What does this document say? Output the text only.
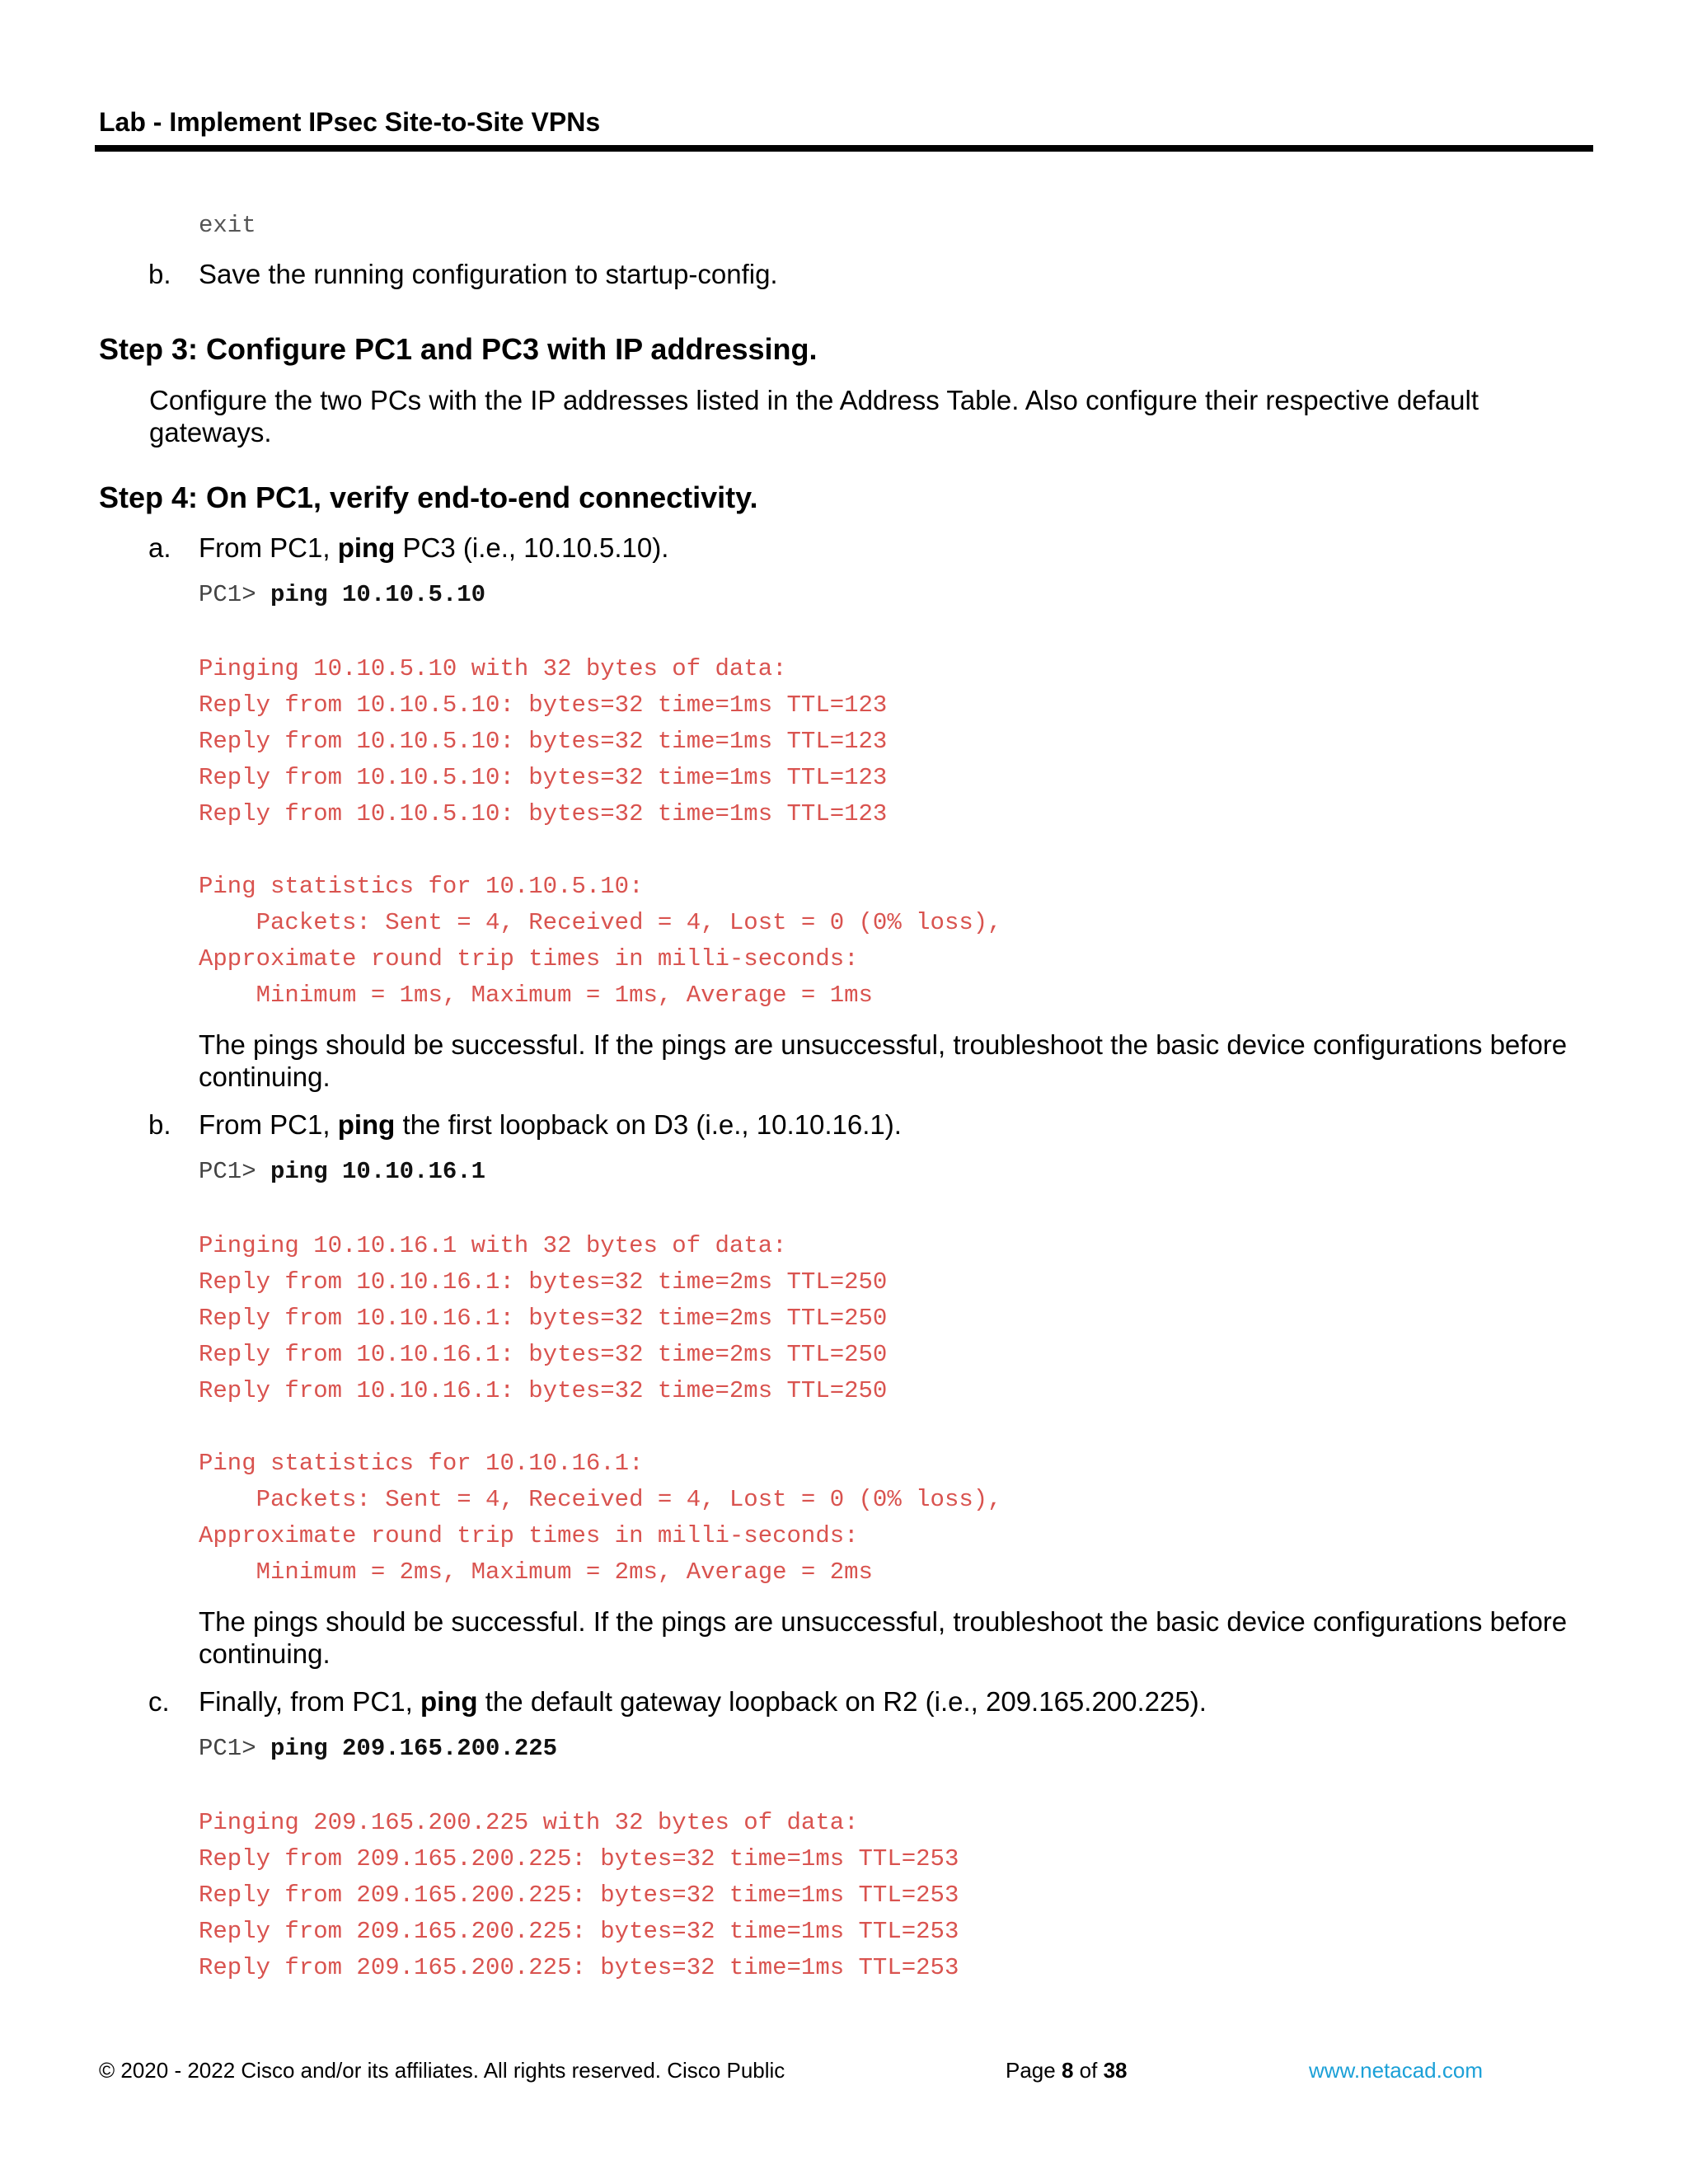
Lab - Implement IPsec Site-to-Site VPNs
exit
b. Save the running configuration to startup-config.
Step 3: Configure PC1 and PC3 with IP addressing.
Configure the two PCs with the IP addresses listed in the Address Table. Also configure their respective default gateways.
Step 4: On PC1, verify end-to-end connectivity.
a. From PC1, ping PC3 (i.e., 10.10.5.10).
PC1> ping 10.10.5.10
Pinging 10.10.5.10 with 32 bytes of data:
Reply from 10.10.5.10: bytes=32 time=1ms TTL=123
Reply from 10.10.5.10: bytes=32 time=1ms TTL=123
Reply from 10.10.5.10: bytes=32 time=1ms TTL=123
Reply from 10.10.5.10: bytes=32 time=1ms TTL=123
Ping statistics for 10.10.5.10:
Packets: Sent = 4, Received = 4, Lost = 0 (0% loss),
Approximate round trip times in milli-seconds:
Minimum = 1ms, Maximum = 1ms, Average = 1ms
The pings should be successful. If the pings are unsuccessful, troubleshoot the basic device configurations before continuing.
b. From PC1, ping the first loopback on D3 (i.e., 10.10.16.1).
PC1> ping 10.10.16.1
Pinging 10.10.16.1 with 32 bytes of data:
Reply from 10.10.16.1: bytes=32 time=2ms TTL=250
Reply from 10.10.16.1: bytes=32 time=2ms TTL=250
Reply from 10.10.16.1: bytes=32 time=2ms TTL=250
Reply from 10.10.16.1: bytes=32 time=2ms TTL=250
Ping statistics for 10.10.16.1:
Packets: Sent = 4, Received = 4, Lost = 0 (0% loss),
Approximate round trip times in milli-seconds:
Minimum = 2ms, Maximum = 2ms, Average = 2ms
The pings should be successful. If the pings are unsuccessful, troubleshoot the basic device configurations before continuing.
c. Finally, from PC1, ping the default gateway loopback on R2 (i.e., 209.165.200.225).
PC1> ping 209.165.200.225
Pinging 209.165.200.225 with 32 bytes of data:
Reply from 209.165.200.225: bytes=32 time=1ms TTL=253
Reply from 209.165.200.225: bytes=32 time=1ms TTL=253
Reply from 209.165.200.225: bytes=32 time=1ms TTL=253
Reply from 209.165.200.225: bytes=32 time=1ms TTL=253
© 2020 - 2022 Cisco and/or its affiliates. All rights reserved. Cisco Public	Page 8 of 38	www.netacad.com
